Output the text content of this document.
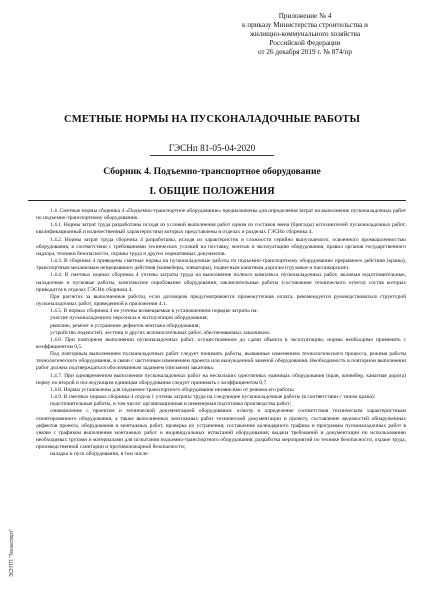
Приложение № 4
к приказу Министерства строительства и
жилищно-коммунального хозяйства
Российской Федерации
от 26 декабря 2019 г. № 874/пр
СМЕТНЫЕ НОРМЫ НА ПУСКОНАЛАДОЧНЫЕ РАБОТЫ
ГЭСНп 81-05-04-2020
Сборник 4. Подъемно-транспортное оборудование
I. ОБЩИЕ ПОЛОЖЕНИЯ

1.4. Сметные нормы сборника 4 «Подъемно-транспортное оборудование» предназначены для определения затрат на выполнение пусконаладочных работ по подъемно-транспортному оборудованию.

1.4.1. Нормы затрат труда разработаны исходя из условий выполнения работ одним из составов звена (бригады) исполнителей пусконаладочных работ, квалификационный и количественный характеристики которых представлены в отделах и разделах ГЭСНп сборника 4.

1.4.2. Нормы затрат труда сборника 4 разработаны, исходя из характеристик и сложности серийно выпускаемого, освоенного промышленностью оборудования, в соответствии с требованиями технических условий на поставку, монтаж и эксплуатацию оборудования, правил органов государственного надзора, техники безопасности, охраны труда и других нормативных документов.

1.4.3. В сборнике 4 приведены сметные нормы на пусконаладочные работы по подъемно-транспортному оборудованию прерывного действия (краны), транспортным механизмам непрерывного действия (конвейеры, элеваторы), подвесным канатным дорогам (грузовые и пассажирские).

1.4.4. В сметных нормах сборника 4 учтены затраты труда на выполнение полного комплекса пусконаладочных работ, включая подготовительные, наладочные и пусковые работы, комплексное опробование оборудования, заключительные работы (составление технического отчета) состав которых приводится в отделах ГЭСНп сборника 4.

При расчетах за выполненные работы, если договором предусматривается промежуточная оплата, рекомендуется руководствоваться структурой пусконаладочных работ, приведенной в приложении 4.1.

1.4.5. В нормах сборника 4 не учтены возмещаемые в установленном порядке затраты на:

участие пусконаладочного персонала в эксплуатации оборудования;

ревизию, ремонт и устранение дефектов монтажа оборудования;

устройство подмостей, лестниц и других вспомогательных работ, обеспечиваемых заказчиком.

1.4.6. При повторном выполнении пусконаладочных работ, осуществляемом до сдачи объекта в эксплуатацию, нормы необходимо применять с коэффициентом 0,5.

Под повторным выполнением пусконаладочных работ следует понимать работы, вызванные изменением технологического процесса, режима работы технологического оборудования, в связи с частичным изменением проекта или вынужденной заменой оборудования. Необходимость в повторном выполнении работ должна подтверждаться обоснованным заданием (письмом) заказчика.

1.4.7. При одновременном выполнении пусконаладочных работ на нескольких однотипных единицах оборудования (кран, конвейер, канатная дорога) норму по второй и последующим единицам оборудования следует принимать с коэффициентом 0,7.

1.4.8. Нормы установлены для подъемно-транспортного оборудования независимо от режима его работы.

1.4.9. В сметных нормах сборника 4 отдела 1 учтены затраты труда на следующие пусконаладочные работы (в соответствии с типом крана):

подготовительные работы, в том числе: организационная и инженерная подготовка производства работ;

ознакомление с проектом и технической документацией оборудования: осмотр и определение соответствия техническим характеристикам смонтированного оборудования, а также выполненных монтажных работ технической документации и проекту, составление ведомостей обнаруженных дефектов проекта, оборудования и монтажных работ, проверка их устранения; составление календарного графика и программы пусконаладочных работ в увязке с графиком выполнения монтажных работ и индивидуальных испытаний оборудования; выдача требований и документации по использованию необходимых грузами и материалами для испытания подъемно-транспортного оборудования; разработка мероприятий по технике безопасности, охране труда, производственной санитарии и противопожарной безопасности;

наладка и пуск оборудования, в том числе:

ЭСНТП "Техэксперт"
